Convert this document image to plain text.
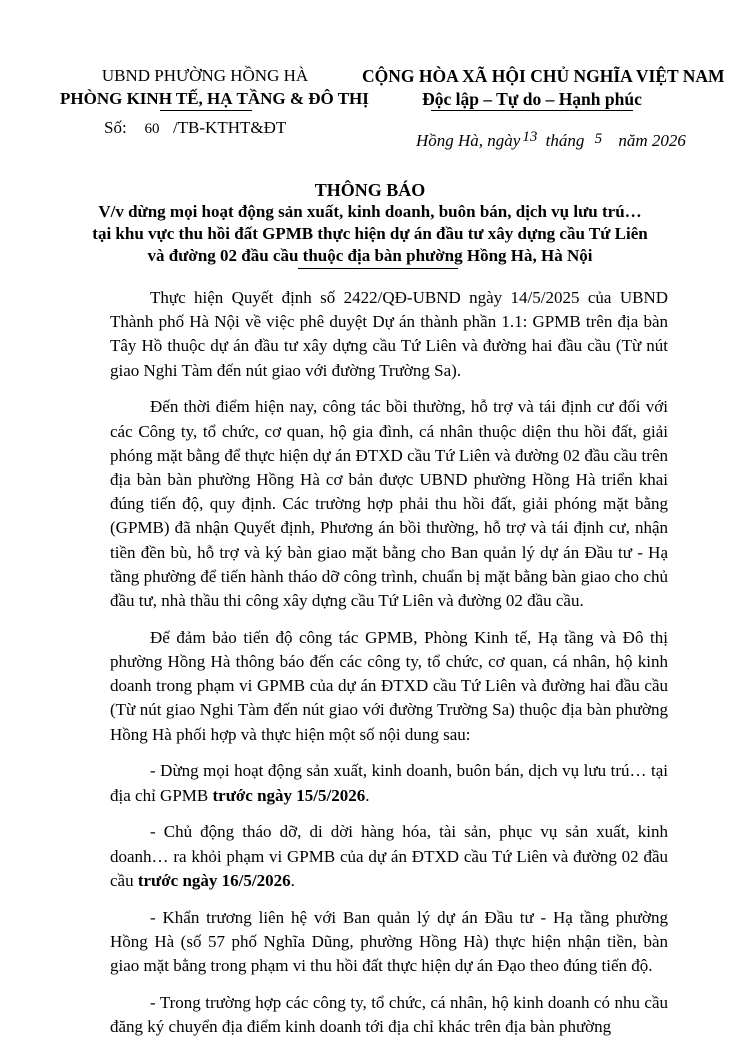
UBND PHƯỜNG HỒNG HÀ
PHÒNG KINH TẾ, HẠ TẦNG & ĐÔ THỊ
CỘNG HÒA XÃ HỘI CHỦ NGHĨA VIỆT NAM
Độc lập – Tự do – Hạnh phúc
Số: 60 /TB-KTHT&ĐT
Hồng Hà, ngày 13 tháng 5 năm 2026
THÔNG BÁO
V/v dừng mọi hoạt động sản xuất, kinh doanh, buôn bán, dịch vụ lưu trú…
tại khu vực thu hồi đất GPMB thực hiện dự án đầu tư xây dựng cầu Tứ Liên
và đường 02 đầu cầu thuộc địa bàn phường Hồng Hà, Hà Nội

Thực hiện Quyết định số 2422/QĐ-UBND ngày 14/5/2025 của UBND Thành phố Hà Nội về việc phê duyệt Dự án thành phần 1.1: GPMB trên địa bàn Tây Hồ thuộc dự án đầu tư xây dựng cầu Tứ Liên và đường hai đầu cầu (Từ nút giao Nghi Tàm đến nút giao với đường Trường Sa).

Đến thời điểm hiện nay, công tác bồi thường, hỗ trợ và tái định cư đối với các Công ty, tổ chức, cơ quan, hộ gia đình, cá nhân thuộc diện thu hồi đất, giải phóng mặt bằng để thực hiện dự án ĐTXD cầu Tứ Liên và đường 02 đầu cầu trên địa bàn bàn phường Hồng Hà cơ bản được UBND phường Hồng Hà triển khai đúng tiến độ, quy định. Các trường hợp phải thu hồi đất, giải phóng mặt bằng (GPMB) đã nhận Quyết định, Phương án bồi thường, hỗ trợ và tái định cư, nhận tiền đền bù, hỗ trợ và ký bàn giao mặt bằng cho Ban quản lý dự án Đầu tư - Hạ tầng phường để tiến hành tháo dỡ công trình, chuẩn bị mặt bằng bàn giao cho chủ đầu tư, nhà thầu thi công xây dựng cầu Tứ Liên và đường 02 đầu cầu.

Để đảm bảo tiến độ công tác GPMB, Phòng Kinh tế, Hạ tầng và Đô thị phường Hồng Hà thông báo đến các công ty, tổ chức, cơ quan, cá nhân, hộ kinh doanh trong phạm vi GPMB của dự án ĐTXD cầu Tứ Liên và đường hai đầu cầu (Từ nút giao Nghi Tàm đến nút giao với đường Trường Sa) thuộc địa bàn phường Hồng Hà phối hợp và thực hiện một số nội dung sau:

- Dừng mọi hoạt động sản xuất, kinh doanh, buôn bán, dịch vụ lưu trú… tại địa chỉ GPMB trước ngày 15/5/2026.

- Chủ động tháo dỡ, di dời hàng hóa, tài sản, phục vụ sản xuất, kinh doanh… ra khỏi phạm vi GPMB của dự án ĐTXD cầu Tứ Liên và đường 02 đầu cầu trước ngày 16/5/2026.

- Khẩn trương liên hệ với Ban quản lý dự án Đầu tư - Hạ tầng phường Hồng Hà (số 57 phố Nghĩa Dũng, phường Hồng Hà) thực hiện nhận tiền, bàn giao mặt bằng trong phạm vi thu hồi đất thực hiện dự án Đạo theo đúng tiến độ.

- Trong trường hợp các công ty, tổ chức, cá nhân, hộ kinh doanh có nhu cầu đăng ký chuyển địa điểm kinh doanh tới địa chỉ khác trên địa bàn phường
